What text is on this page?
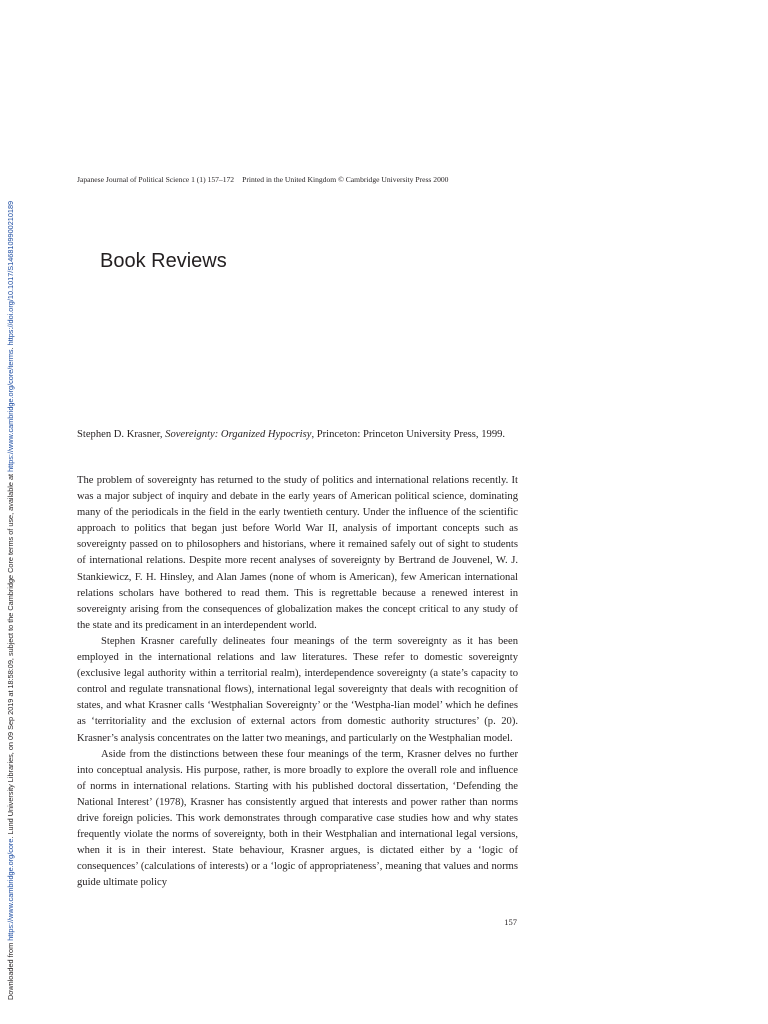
Downloaded from https://www.cambridge.org/core. Lund University Libraries, on 09 Sep 2019 at 18:58:09, subject to the Cambridge Core terms of use, available at https://www.cambridge.org/core/terms. https://doi.org/10.1017/S1468109900210189
Japanese Journal of Political Science 1 (1) 157–172 Printed in the United Kingdom © Cambridge University Press 2000
Book Reviews

Stephen D. Krasner, Sovereignty: Organized Hypocrisy, Princeton: Princeton University Press, 1999.

The problem of sovereignty has returned to the study of politics and international relations recently. It was a major subject of inquiry and debate in the early years of American political science, dominating many of the periodicals in the field in the early twentieth century. Under the influence of the scientific approach to politics that began just before World War II, analysis of important concepts such as sovereignty passed on to philosophers and historians, where it remained safely out of sight to students of international relations. Despite more recent analyses of sovereignty by Bertrand de Jouvenel, W. J. Stankiewicz, F. H. Hinsley, and Alan James (none of whom is American), few American international relations scholars have bothered to read them. This is regrettable because a renewed interest in sovereignty arising from the consequences of globalization makes the concept critical to any study of the state and its predicament in an interdependent world.

Stephen Krasner carefully delineates four meanings of the term sovereignty as it has been employed in the international relations and law literatures. These refer to domestic sovereignty (exclusive legal authority within a territorial realm), interdependence sovereignty (a state’s capacity to control and regulate transnational flows), international legal sovereignty that deals with recognition of states, and what Krasner calls ‘Westphalian Sovereignty’ or the ‘Westpha-lian model’ which he defines as ‘territoriality and the exclusion of external actors from domestic authority structures’ (p. 20). Krasner’s analysis concentrates on the latter two meanings, and particularly on the Westphalian model.

Aside from the distinctions between these four meanings of the term, Krasner delves no further into conceptual analysis. His purpose, rather, is more broadly to explore the overall role and influence of norms in international relations. Starting with his published doctoral dissertation, ‘Defending the National Interest’ (1978), Krasner has consistently argued that interests and power rather than norms drive foreign policies. This work demonstrates through comparative case studies how and why states frequently violate the norms of sovereignty, both in their Westphalian and international legal versions, when it is in their interest. State behaviour, Krasner argues, is dictated either by a ‘logic of consequences’ (calculations of interests) or a ‘logic of appropriateness’, meaning that values and norms guide ultimate policy

157
